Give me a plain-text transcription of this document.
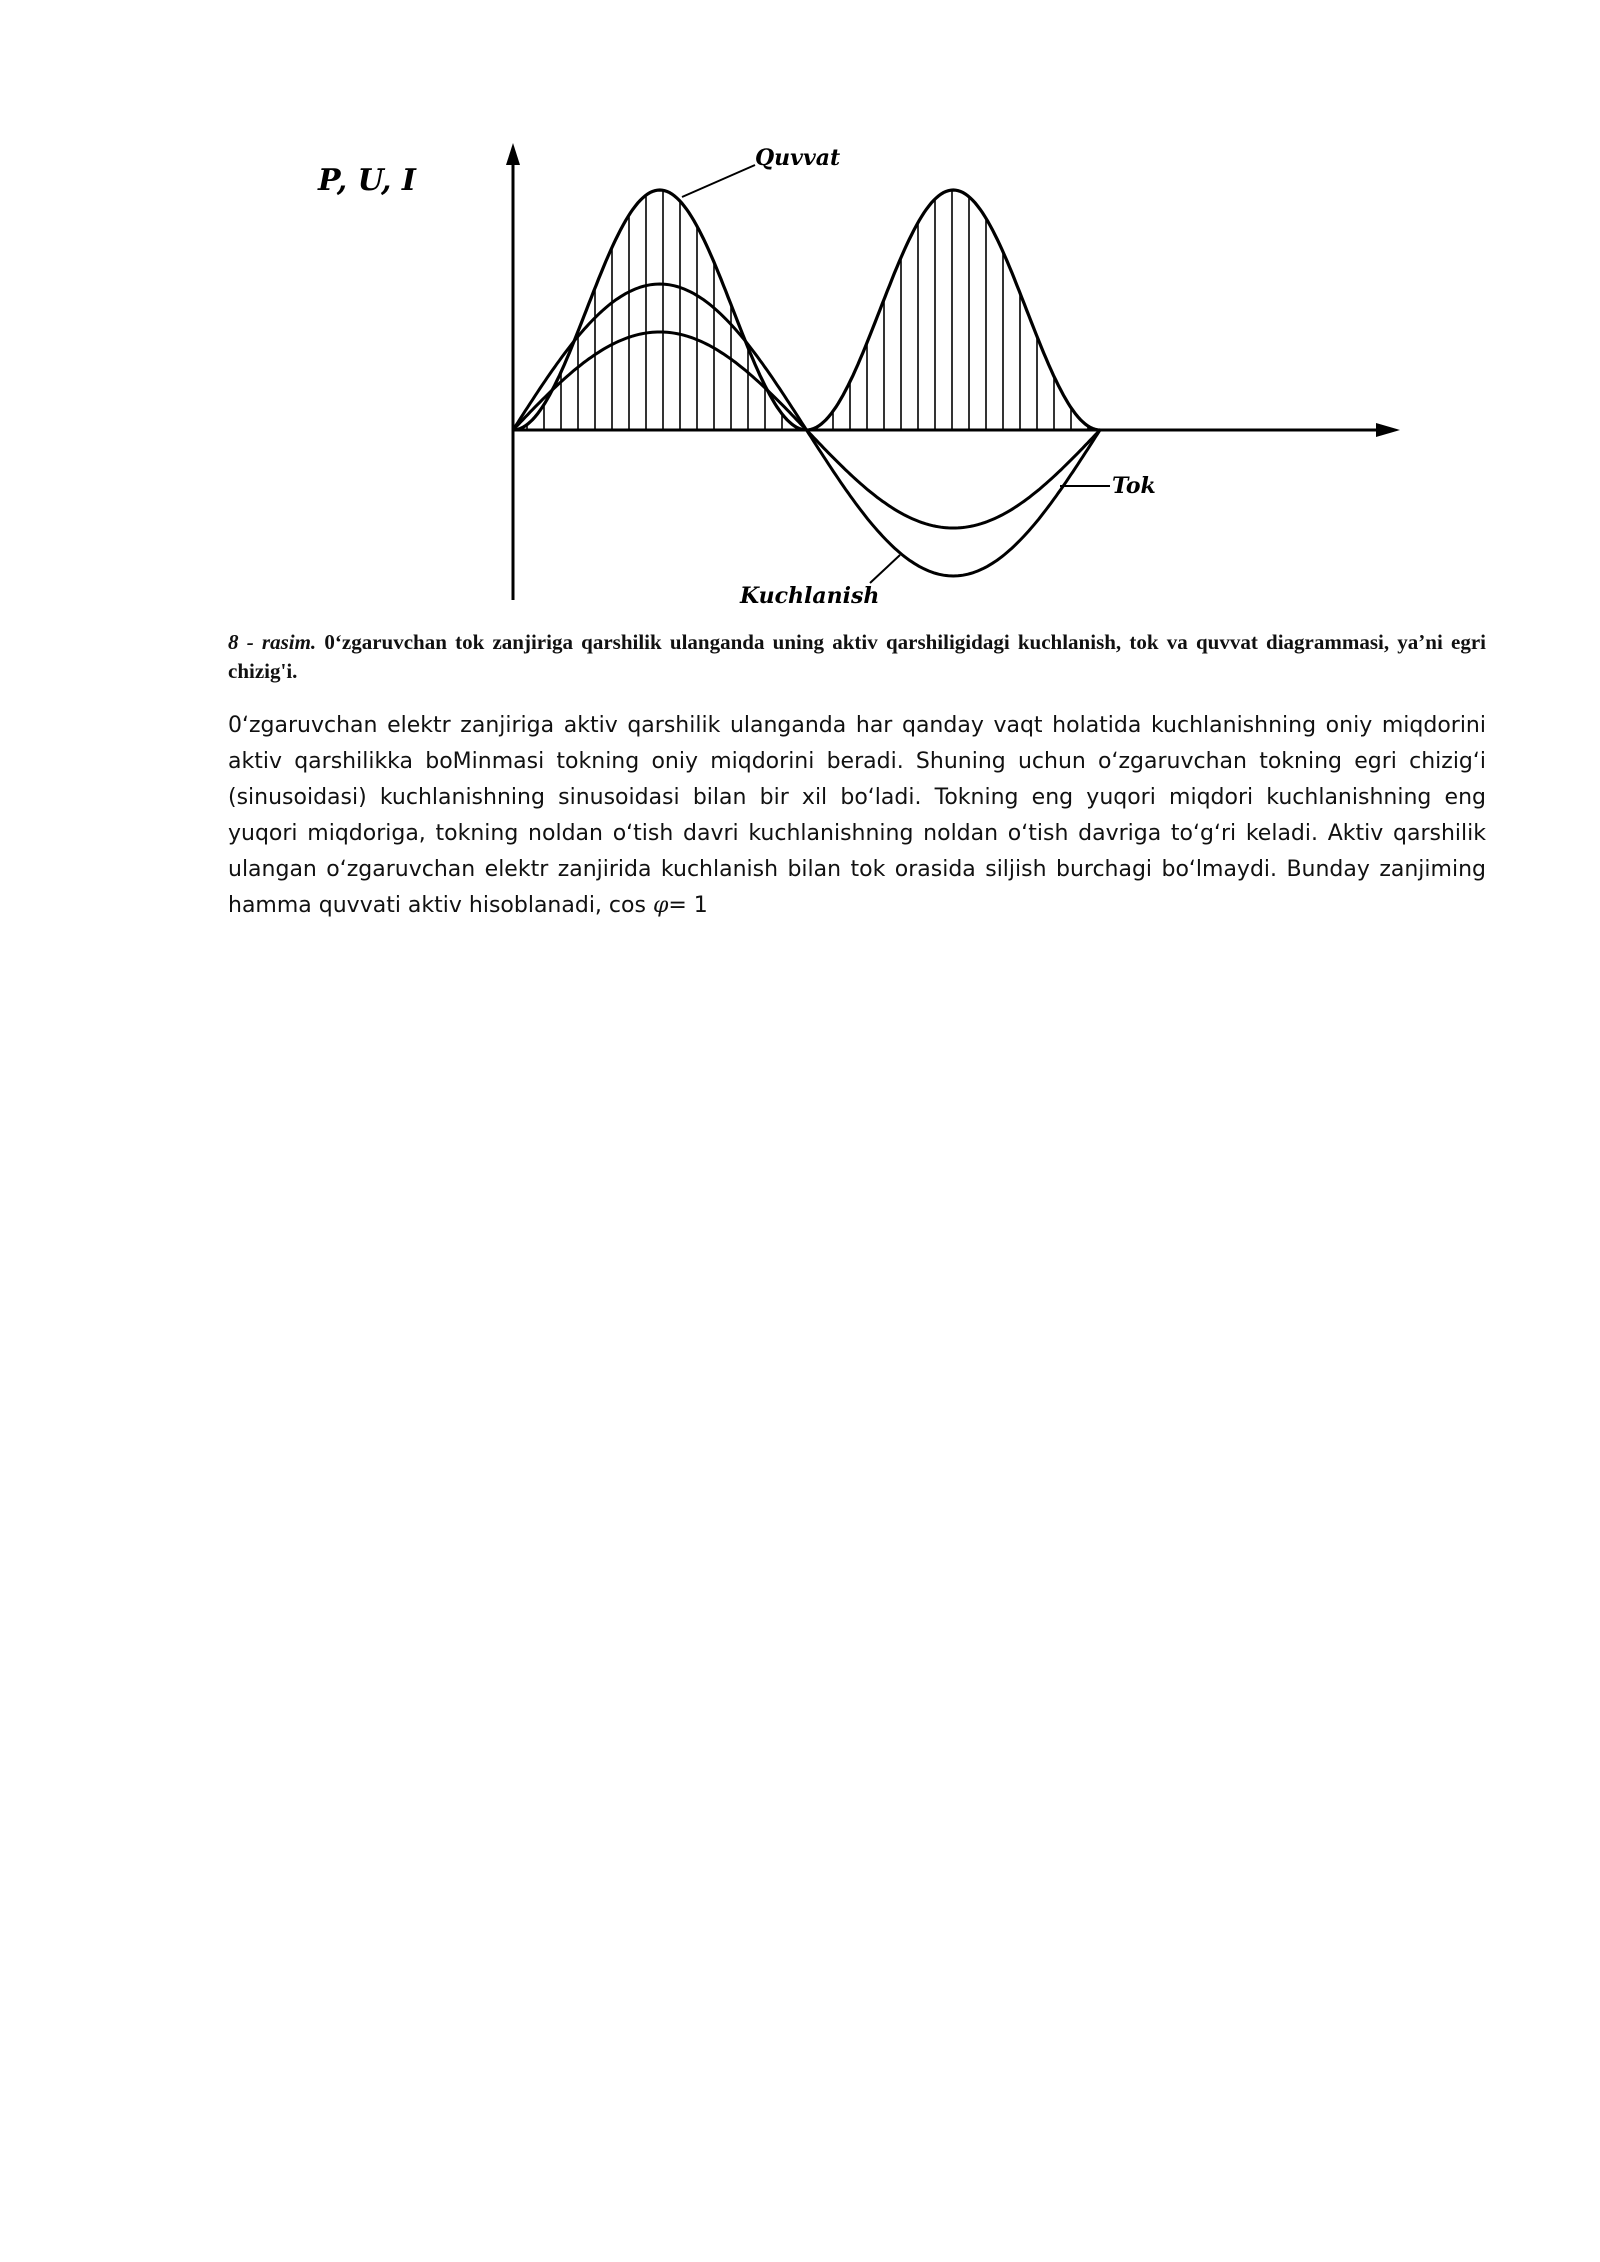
P, U, I
Quvvat
Tok
Kuchlanish
8 - rasim. 0‘zgaruvchan tok zanjiriga qarshilik ulanganda uning aktiv qarshiligidagi kuchlanish, tok va quvvat diagrammasi, ya’ni egri chizig'i.

0ʻzgaruvchan elektr zanjiriga aktiv qarshilik ulanganda har qanday vaqt holatida kuchlanishning oniy miqdorini aktiv qarshilikka boMinmasi tokning oniy miqdorini beradi. Shuning uchun oʻzgaruvchan tokning egri chizigʻi (sinusoidasi) kuchlanishning sinusoidasi bilan bir xil boʻladi. Tokning eng yuqori miqdori kuchlanishning eng yuqori miqdoriga, tokning noldan oʻtish davri kuchlanishning noldan oʻtish davriga toʻgʻri keladi. Aktiv qarshilik ulangan oʻzgaruvchan elektr zanjirida kuchlanish bilan tok orasida siljish burchagi boʻlmaydi. Bunday zanjiming hamma quvvati aktiv hisoblanadi, cos φ= 1
